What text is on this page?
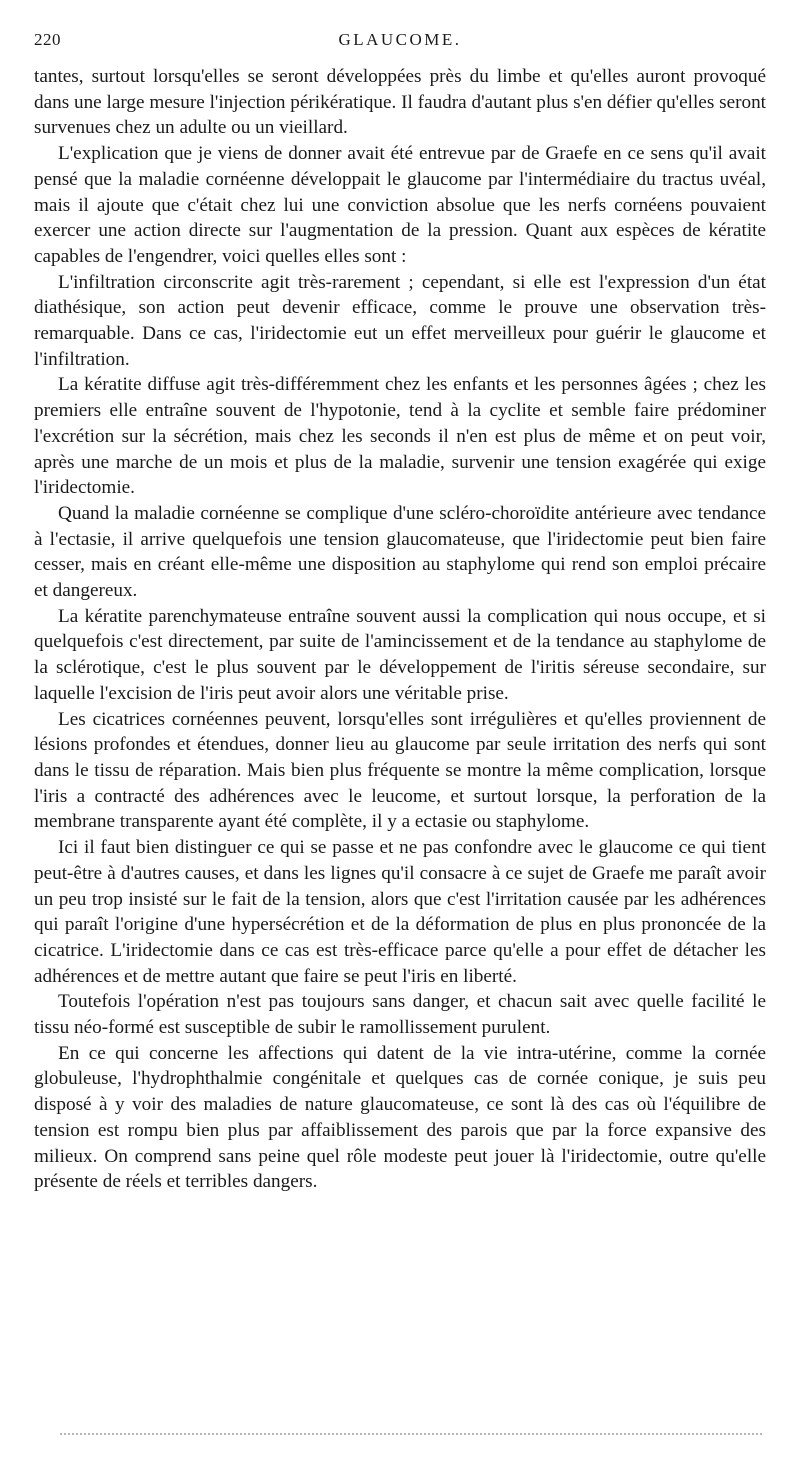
220	GLAUCOME.

tantes, surtout lorsqu'elles se seront développées près du limbe et qu'elles auront provoqué dans une large mesure l'injection périkératique. Il faudra d'autant plus s'en défier qu'elles seront survenues chez un adulte ou un vieillard.

L'explication que je viens de donner avait été entrevue par de Graefe en ce sens qu'il avait pensé que la maladie cornéenne développait le glaucome par l'intermédiaire du tractus uvéal, mais il ajoute que c'était chez lui une conviction absolue que les nerfs cornéens pouvaient exercer une action directe sur l'augmentation de la pression. Quant aux espèces de kératite capables de l'engendrer, voici quelles elles sont :

L'infiltration circonscrite agit très-rarement ; cependant, si elle est l'expression d'un état diathésique, son action peut devenir efficace, comme le prouve une observation très-remarquable. Dans ce cas, l'iridectomie eut un effet merveilleux pour guérir le glaucome et l'infiltration.

La kératite diffuse agit très-différemment chez les enfants et les personnes âgées ; chez les premiers elle entraîne souvent de l'hypotonie, tend à la cyclite et semble faire prédominer l'excrétion sur la sécrétion, mais chez les seconds il n'en est plus de même et on peut voir, après une marche de un mois et plus de la maladie, survenir une tension exagérée qui exige l'iridectomie.

Quand la maladie cornéenne se complique d'une scléro-choroïdite antérieure avec tendance à l'ectasie, il arrive quelquefois une tension glaucomateuse, que l'iridectomie peut bien faire cesser, mais en créant elle-même une disposition au staphylome qui rend son emploi précaire et dangereux.

La kératite parenchymateuse entraîne souvent aussi la complication qui nous occupe, et si quelquefois c'est directement, par suite de l'amincissement et de la tendance au staphylome de la sclérotique, c'est le plus souvent par le développement de l'iritis séreuse secondaire, sur laquelle l'excision de l'iris peut avoir alors une véritable prise.

Les cicatrices cornéennes peuvent, lorsqu'elles sont irrégulières et qu'elles proviennent de lésions profondes et étendues, donner lieu au glaucome par seule irritation des nerfs qui sont dans le tissu de réparation. Mais bien plus fréquente se montre la même complication, lorsque l'iris a contracté des adhérences avec le leucome, et surtout lorsque, la perforation de la membrane transparente ayant été complète, il y a ectasie ou staphylome.

Ici il faut bien distinguer ce qui se passe et ne pas confondre avec le glaucome ce qui tient peut-être à d'autres causes, et dans les lignes qu'il consacre à ce sujet de Graefe me paraît avoir un peu trop insisté sur le fait de la tension, alors que c'est l'irritation causée par les adhérences qui paraît l'origine d'une hypersécrétion et de la déformation de plus en plus prononcée de la cicatrice. L'iridectomie dans ce cas est très-efficace parce qu'elle a pour effet de détacher les adhérences et de mettre autant que faire se peut l'iris en liberté.

Toutefois l'opération n'est pas toujours sans danger, et chacun sait avec quelle facilité le tissu néo-formé est susceptible de subir le ramollissement purulent.

En ce qui concerne les affections qui datent de la vie intra-utérine, comme la cornée globuleuse, l'hydrophthalmie congénitale et quelques cas de cornée conique, je suis peu disposé à y voir des maladies de nature glaucomateuse, ce sont là des cas où l'équilibre de tension est rompu bien plus par affaiblissement des parois que par la force expansive des milieux. On comprend sans peine quel rôle modeste peut jouer là l'iridectomie, outre qu'elle présente de réels et terribles dangers.
